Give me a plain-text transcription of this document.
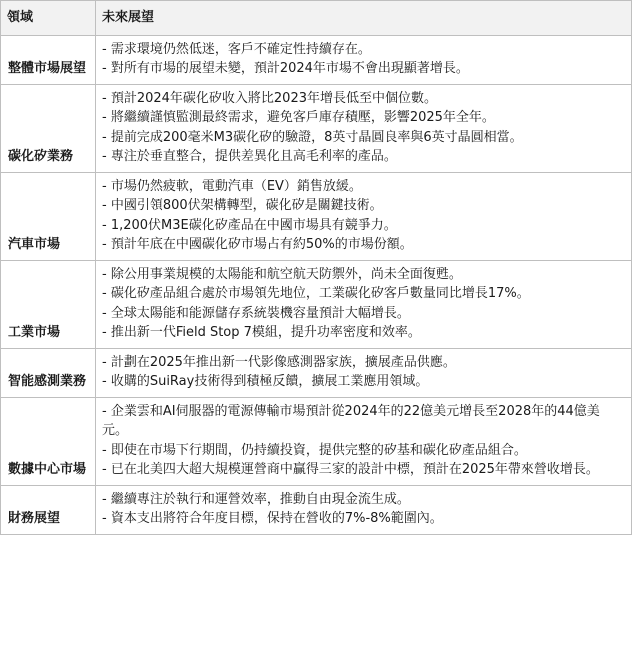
領域	未來展望
整體市場展望	- 需求環境仍然低迷，客戶不確定性持續存在。
- 對所有市場的展望未變，預計2024年市場不會出現顯著增長。

碳化矽業務	- 預計2024年碳化矽收入將比2023年增長低至中個位數。
- 將繼續謹慎監測最終需求，避免客戶庫存積壓，影響2025年全年。
- 提前完成200毫米M3碳化矽的驗證，8英寸晶圓良率與6英寸晶圓相當。
- 專注於垂直整合，提供差異化且高毛利率的產品。

汽車市場	- 市場仍然疲軟，電動汽車（EV）銷售放緩。
- 中國引領800伏架構轉型，碳化矽是關鍵技術。
- 1,200伏M3E碳化矽產品在中國市場具有競爭力。
- 預計年底在中國碳化矽市場占有約50%的市場份額。

工業市場	- 除公用事業規模的太陽能和航空航天防禦外，尚未全面復甦。
- 碳化矽產品組合處於市場領先地位，工業碳化矽客戶數量同比增長17%。
- 全球太陽能和能源儲存系統裝機容量預計大幅增長。
- 推出新一代Field Stop 7模組，提升功率密度和效率。

智能感測業務	- 計劃在2025年推出新一代影像感測器家族，擴展產品供應。
- 收購的SuiRay技術得到積極反饋，擴展工業應用領域。

數據中心市場	- 企業雲和AI伺服器的電源傳輸市場預計從2024年的22億美元增長至2028年的44億美元。
- 即使在市場下行期間，仍持續投資，提供完整的矽基和碳化矽產品組合。
- 已在北美四大超大規模運營商中贏得三家的設計中標，預計在2025年帶來營收增長。

財務展望	- 繼續專注於執行和運營效率，推動自由現金流生成。
- 資本支出將符合年度目標，保持在營收的7%-8%範圍內。
